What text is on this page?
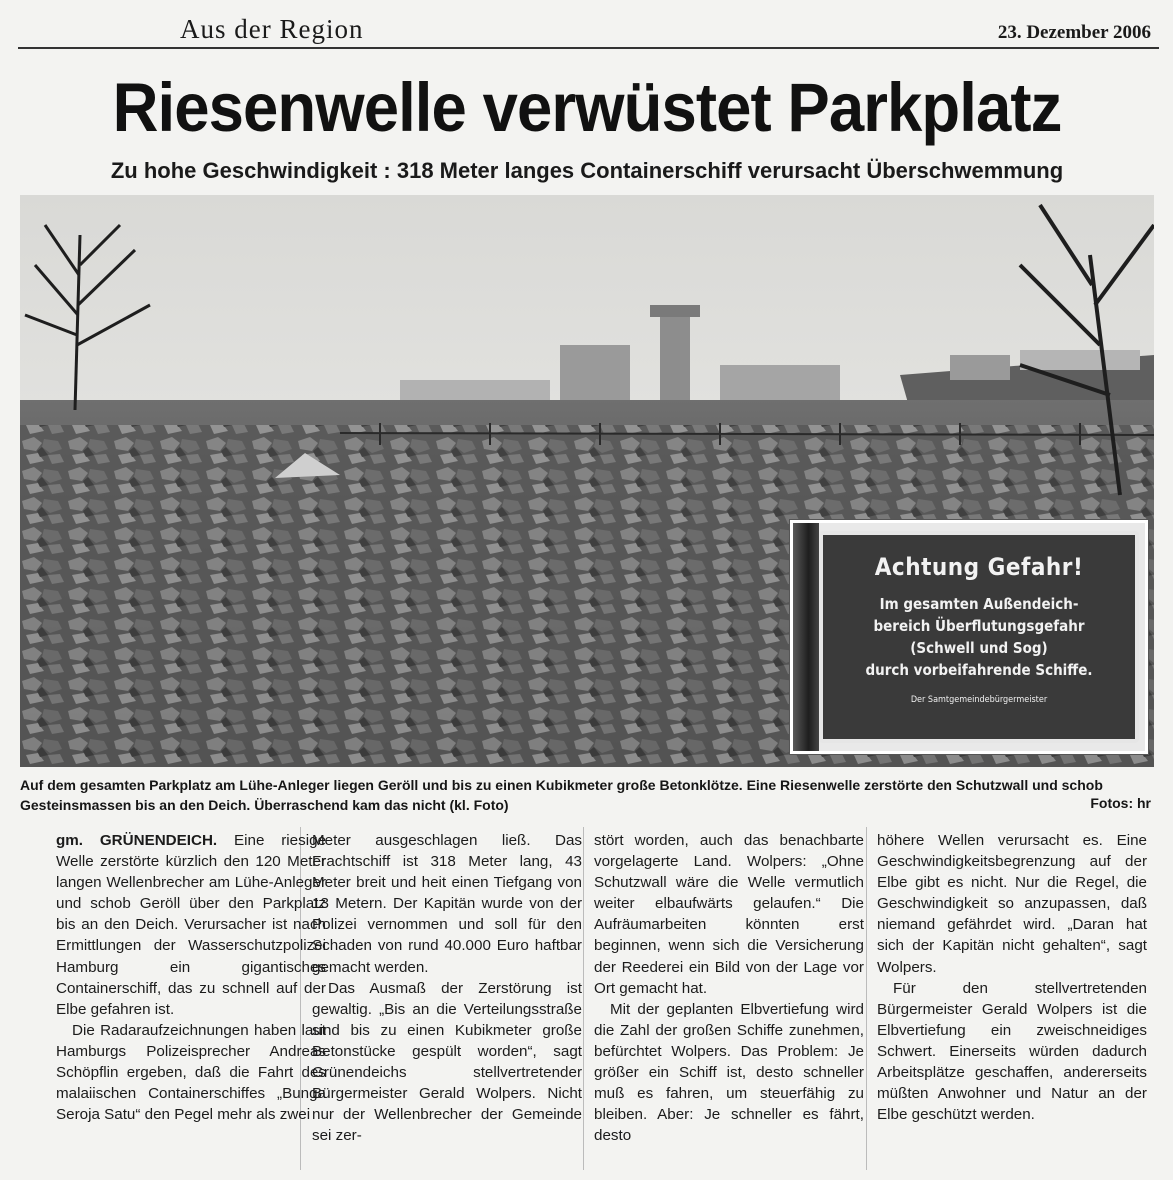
Aus der Region	23. Dezember 2006
Riesenwelle verwüstet Parkplatz
Zu hohe Geschwindigkeit : 318 Meter langes Containerschiff verursacht Überschwemmung
Achtung Gefahr!
Im gesamten Außendeich-
bereich Überflutungsgefahr
(Schwell und Sog)
durch vorbeifahrende Schiffe.
Der Samtgemeindebürgermeister
Auf dem gesamten Parkplatz am Lühe-Anleger liegen Geröll und bis zu einen Kubikmeter große Betonklötze. Eine Riesenwelle zerstörte den Schutzwall und schob Gesteinsmassen bis an den Deich. Überraschend kam das nicht (kl. Foto)	Fotos: hr

gm. GRÜNENDEICH. Eine riesige Welle zerstörte kürzlich den 120 Meter langen Wellenbrecher am Lühe-Anleger und schob Geröll über den Parkplatz bis an den Deich. Verursacher ist nach Ermittlungen der Wasserschutzpolizei Hamburg ein gigantisches Containerschiff, das zu schnell auf der Elbe gefahren ist.

Die Radaraufzeichnungen haben laut Hamburgs Polizeisprecher Andreas Schöpflin ergeben, daß die Fahrt des malaiischen Containerschiffes „Bunga Seroja Satu“ den Pegel mehr als zwei

Meter ausgeschlagen ließ. Das Frachtschiff ist 318 Meter lang, 43 Meter breit und heit einen Tiefgang von 13 Metern. Der Kapitän wurde von der Polizei vernommen und soll für den Schaden von rund 40.000 Euro haftbar gemacht werden.

Das Ausmaß der Zerstörung ist gewaltig. „Bis an die Verteilungsstraße sind bis zu einen Kubikmeter große Betonstücke gespült worden“, sagt Grünendeichs stellvertretender Bürgermeister Gerald Wolpers. Nicht nur der Wellenbrecher der Gemeinde sei zer-

stört worden, auch das benachbarte vorgelagerte Land. Wolpers: „Ohne Schutzwall wäre die Welle vermutlich weiter elbaufwärts gelaufen.“ Die Aufräumarbeiten könnten erst beginnen, wenn sich die Versicherung der Reederei ein Bild von der Lage vor Ort gemacht hat.

Mit der geplanten Elbvertiefung wird die Zahl der großen Schiffe zunehmen, befürchtet Wolpers. Das Problem: Je größer ein Schiff ist, desto schneller muß es fahren, um steuerfähig zu bleiben. Aber: Je schneller es fährt, desto

höhere Wellen verursacht es. Eine Geschwindigkeitsbegrenzung auf der Elbe gibt es nicht. Nur die Regel, die Geschwindigkeit so anzupassen, daß niemand gefährdet wird. „Daran hat sich der Kapitän nicht gehalten“, sagt Wolpers.

Für den stellvertretenden Bürgermeister Gerald Wolpers ist die Elbvertiefung ein zweischneidiges Schwert. Einerseits würden dadurch Arbeitsplätze geschaffen, andererseits müßten Anwohner und Natur an der Elbe geschützt werden.
